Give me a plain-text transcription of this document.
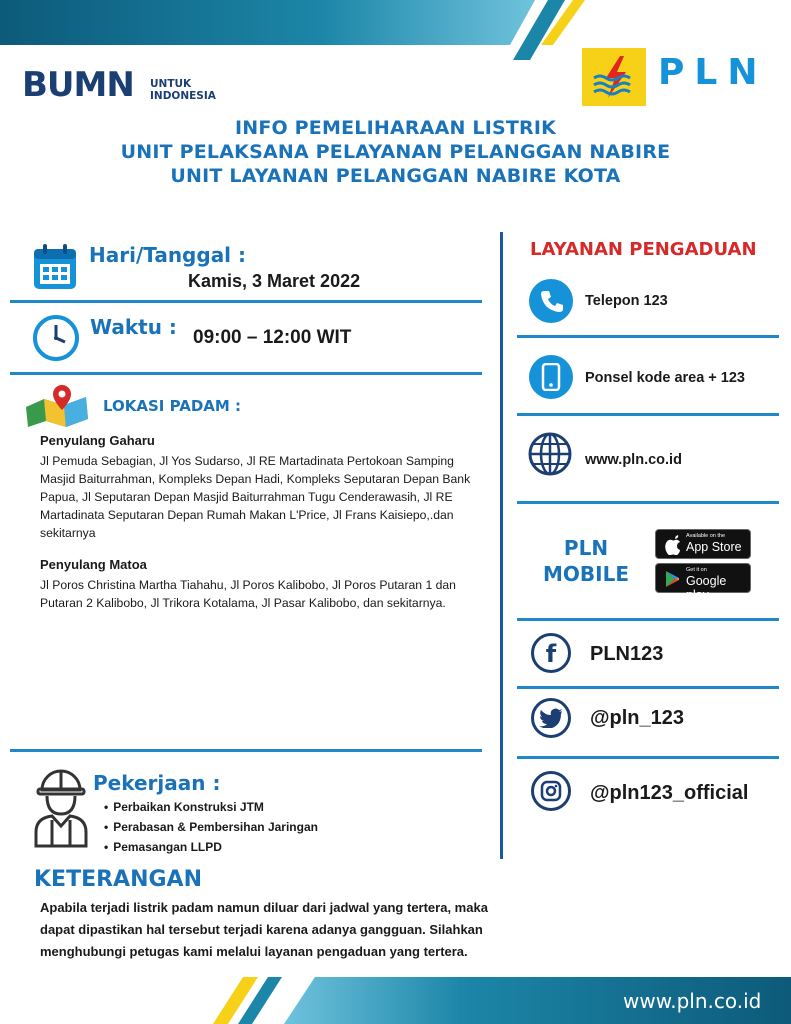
BUMN UNTUK
INDONESIA
PLN
INFO PEMELIHARAAN LISTRIK
UNIT PELAKSANA PELAYANAN PELANGGAN NABIRE
UNIT LAYANAN PELANGGAN NABIRE KOTA
Hari/Tanggal :
Kamis, 3 Maret 2022
Waktu : 09:00 – 12:00 WIT
LOKASI PADAM :
Penyulang Gaharu
Jl Pemuda Sebagian, Jl Yos Sudarso, Jl RE Martadinata Pertokoan Samping Masjid Baiturrahman, Kompleks Depan Hadi, Kompleks Seputaran Depan Bank Papua, Jl Seputaran Depan Masjid Baiturrahman Tugu Cenderawasih, Jl RE Martadinata Seputaran Depan Rumah Makan L'Price, Jl Frans Kaisiepo,.dan sekitarnya
Penyulang Matoa
Jl Poros Christina Martha Tiahahu, Jl Poros Kalibobo, Jl Poros Putaran 1 dan Putaran 2 Kalibobo, Jl Trikora Kotalama, Jl Pasar Kalibobo, dan sekitarnya.
Pekerjaan :
• Perbaikan Konstruksi JTM
• Perabasan & Pembersihan Jaringan
• Pemasangan LLPD
LAYANAN PENGADUAN
Telepon 123
Ponsel kode area + 123
www.pln.co.id
PLN
MOBILE
Available on the
App Store
Get it on
Google play
f PLN123
@pln_123
@pln123_official
KETERANGAN
Apabila terjadi listrik padam namun diluar dari jadwal yang tertera, maka dapat dipastikan hal tersebut terjadi karena adanya gangguan. Silahkan menghubungi petugas kami melalui layanan pengaduan yang tertera.
www.pln.co.id
